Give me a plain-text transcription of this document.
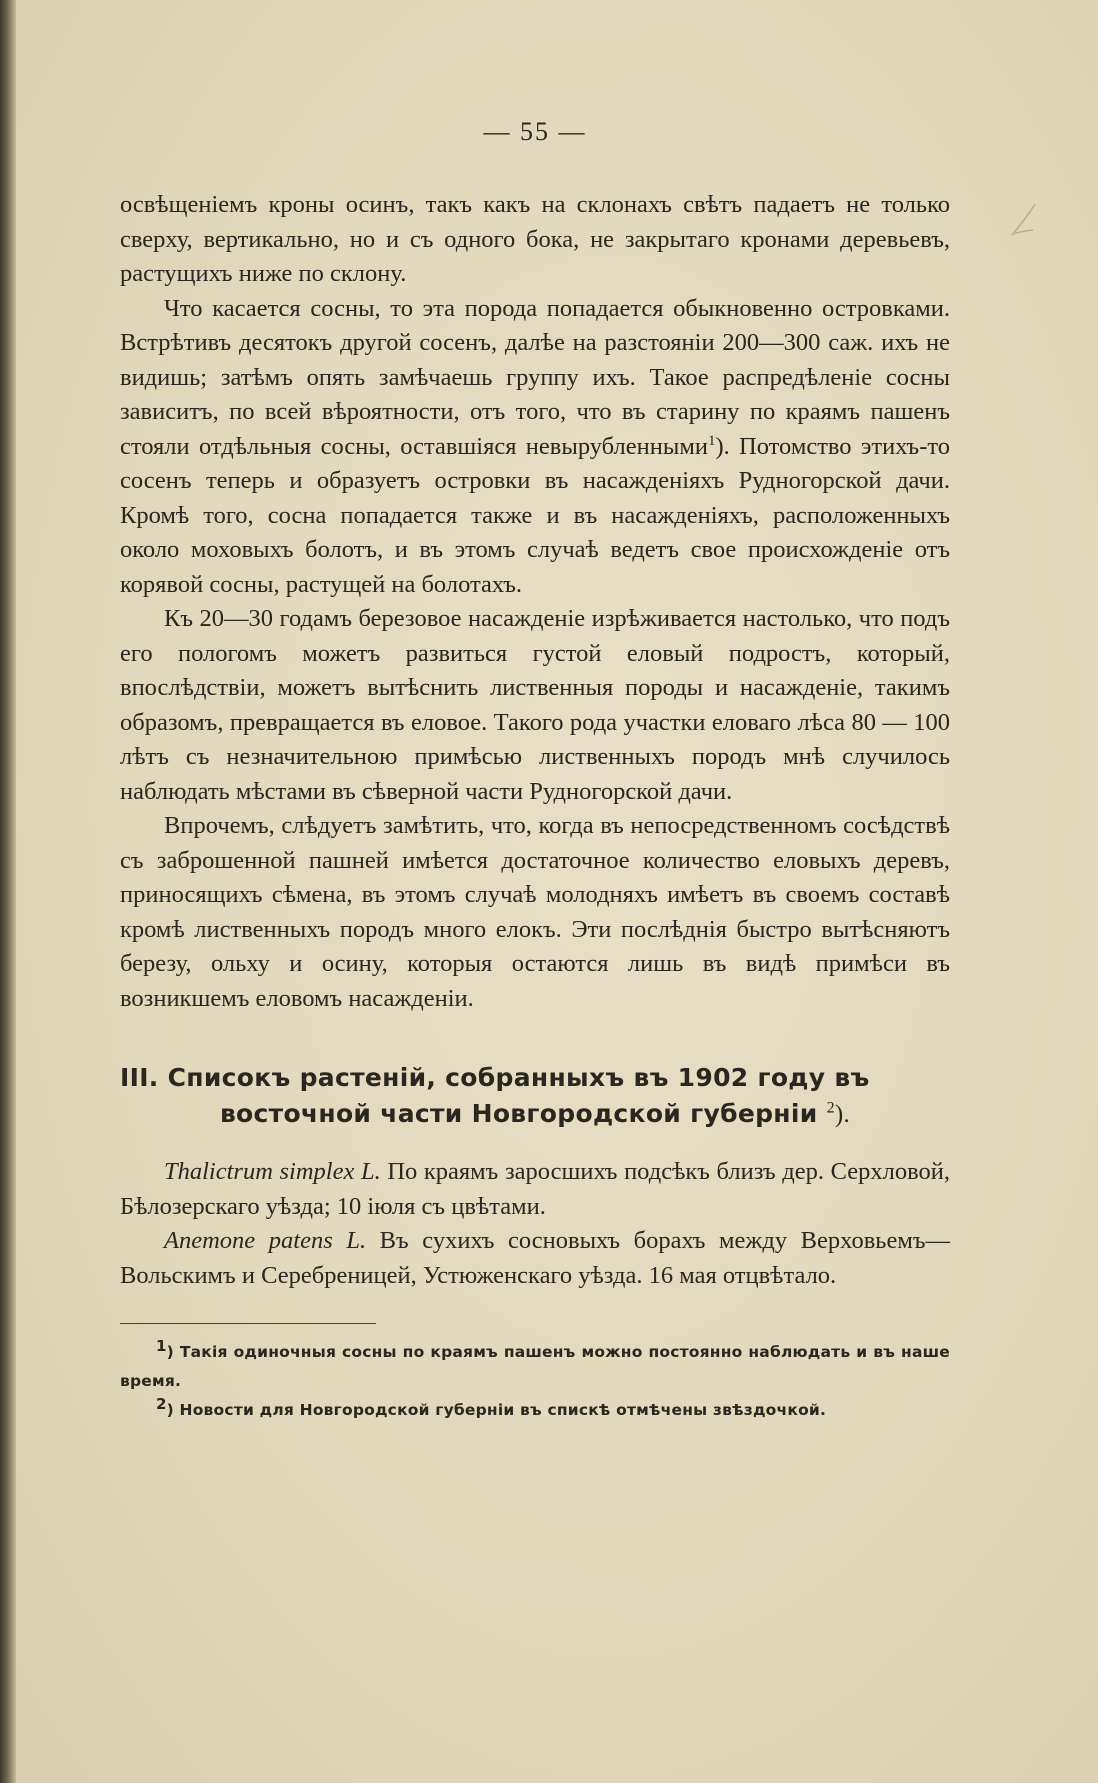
— 55 —

освѣщеніемъ кроны осинъ, такъ какъ на склонахъ свѣтъ падаетъ не только сверху, вертикально, но и съ одного бока, не закрытаго кронами деревьевъ, растущихъ ниже по склону.

Что касается сосны, то эта порода попадается обыкновенно островками. Встрѣтивъ десятокъ другой сосенъ, далѣе на разстояніи 200—300 саж. ихъ не видишь; затѣмъ опять замѣчаешь группу ихъ. Такое распредѣленіе сосны зависитъ, по всей вѣроятности, отъ того, что въ старину по краямъ пашенъ стояли отдѣльныя сосны, оставшіяся невырубленными$^1$). Потомство этихъ-то сосенъ теперь и образуетъ островки въ насажденіяхъ Рудногорской дачи. Кромѣ того, сосна попадается также и въ насажденіяхъ, расположенныхъ около моховыхъ болотъ, и въ этомъ случаѣ ведетъ свое происхожденіе отъ корявой сосны, растущей на болотахъ.

Къ 20—30 годамъ березовое насажденіе изрѣживается настолько, что подъ его пологомъ можетъ развиться густой еловый подростъ, который, впослѣдствіи, можетъ вытѣснить лиственныя породы и насажденіе, такимъ образомъ, превращается въ еловое. Такого рода участки еловаго лѣса 80 — 100 лѣтъ съ незначительною примѣсью лиственныхъ породъ мнѣ случилось наблюдать мѣстами въ сѣверной части Рудногорской дачи.

Впрочемъ, слѣдуетъ замѣтить, что, когда въ непосредственномъ сосѣдствѣ съ заброшенной пашней имѣется достаточное количество еловыхъ деревъ, приносящихъ сѣмена, въ этомъ случаѣ молодняхъ имѣетъ въ своемъ составѣ кромѣ лиственныхъ породъ много елокъ. Эти послѣднія быстро вытѣсняютъ березу, ольху и осину, которыя остаются лишь въ видѣ примѣси въ возникшемъ еловомъ насажденіи.

III. Списокъ растеній, собранныхъ въ 1902 году въ
восточной части Новгородской губерніи $^2$).

Thalictrum simplex L. По краямъ заросшихъ подсѣкъ близъ дер. Серхловой, Бѣлозерскаго уѣзда; 10 іюля съ цвѣтами.

Anemone patens L. Въ сухихъ сосновыхъ борахъ между Верховьемъ—Вольскимъ и Серебреницей, Устюженскаго уѣзда. 16 мая отцвѣтало.

1) Такія одиночныя сосны по краямъ пашенъ можно постоянно наблюдать и въ наше время.

2) Новости для Новгородской губерніи въ спискѣ отмѣчены звѣздочкой.
